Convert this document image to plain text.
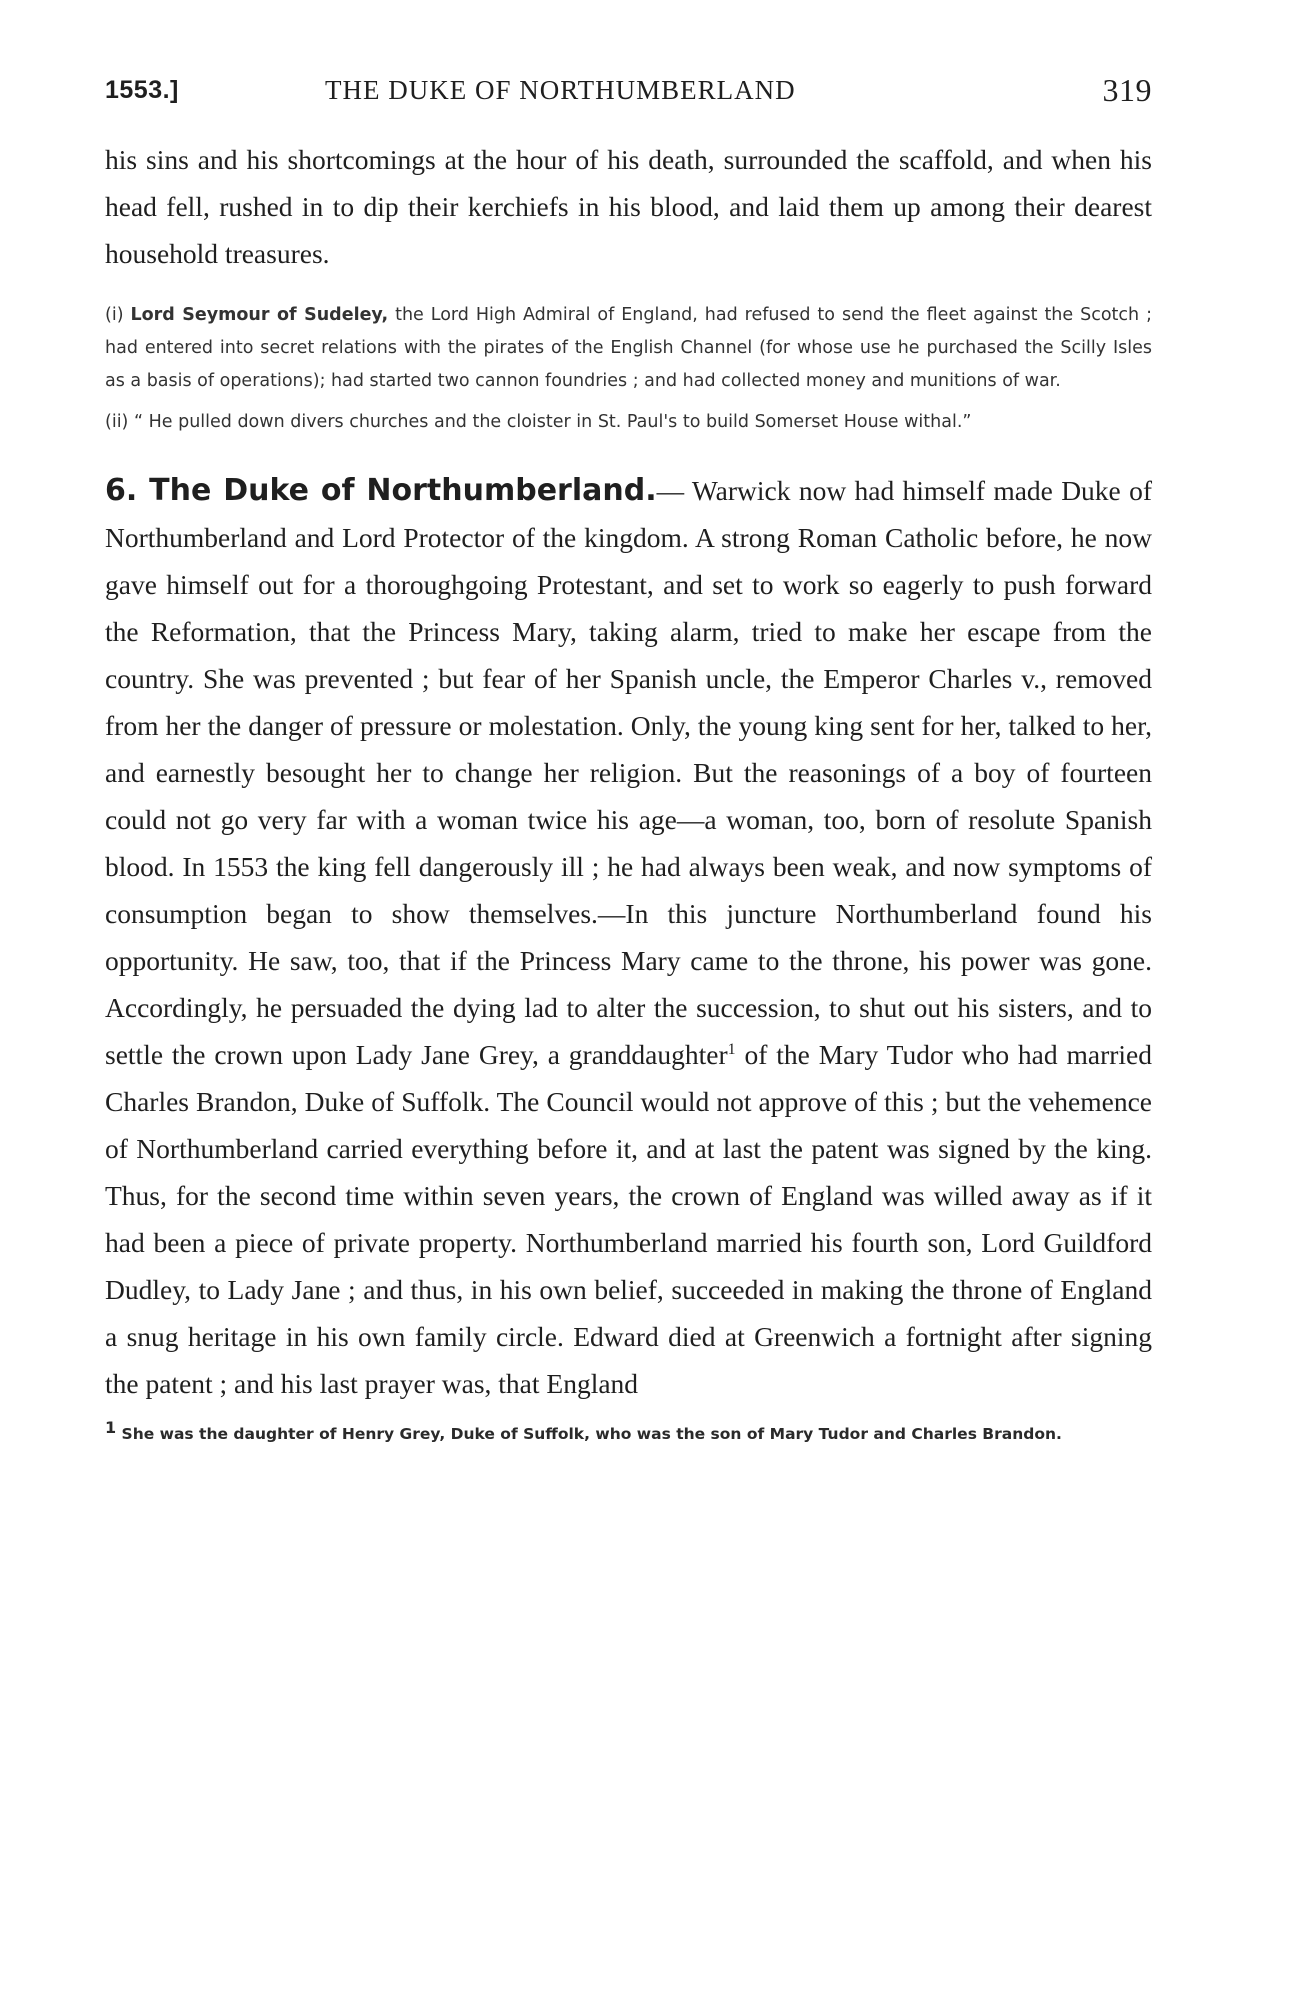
1553.]	THE DUKE OF NORTHUMBERLAND	319

his sins and his shortcomings at the hour of his death, surrounded the scaffold, and when his head fell, rushed in to dip their kerchiefs in his blood, and laid them up among their dearest household treasures.

(i) Lord Seymour of Sudeley, the Lord High Admiral of England, had refused to send the fleet against the Scotch ; had entered into secret relations with the pirates of the English Channel (for whose use he purchased the Scilly Isles as a basis of operations); had started two cannon foundries ; and had collected money and munitions of war.

(ii) “ He pulled down divers churches and the cloister in St. Paul's to build Somerset House withal.”

6. The Duke of Northumberland.— Warwick now had himself made Duke of Northumberland and Lord Protector of the kingdom. A strong Roman Catholic before, he now gave himself out for a thoroughgoing Protestant, and set to work so eagerly to push forward the Reformation, that the Princess Mary, taking alarm, tried to make her escape from the country. She was prevented ; but fear of her Spanish uncle, the Emperor Charles v., removed from her the danger of pressure or molestation. Only, the young king sent for her, talked to her, and earnestly besought her to change her religion. But the reasonings of a boy of fourteen could not go very far with a woman twice his age—a woman, too, born of resolute Spanish blood. In 1553 the king fell dangerously ill ; he had always been weak, and now symptoms of consumption began to show themselves.—In this juncture Northumberland found his opportunity. He saw, too, that if the Princess Mary came to the throne, his power was gone. Accordingly, he persuaded the dying lad to alter the succession, to shut out his sisters, and to settle the crown upon Lady Jane Grey, a granddaughter$^1$ of the Mary Tudor who had married Charles Brandon, Duke of Suffolk. The Council would not approve of this ; but the vehemence of Northumberland carried everything before it, and at last the patent was signed by the king. Thus, for the second time within seven years, the crown of England was willed away as if it had been a piece of private property. Northumberland married his fourth son, Lord Guildford Dudley, to Lady Jane ; and thus, in his own belief, succeeded in making the throne of England a snug heritage in his own family circle. Edward died at Greenwich a fortnight after signing the patent ; and his last prayer was, that England

$^1$ She was the daughter of Henry Grey, Duke of Suffolk, who was the son of Mary Tudor and Charles Brandon.
